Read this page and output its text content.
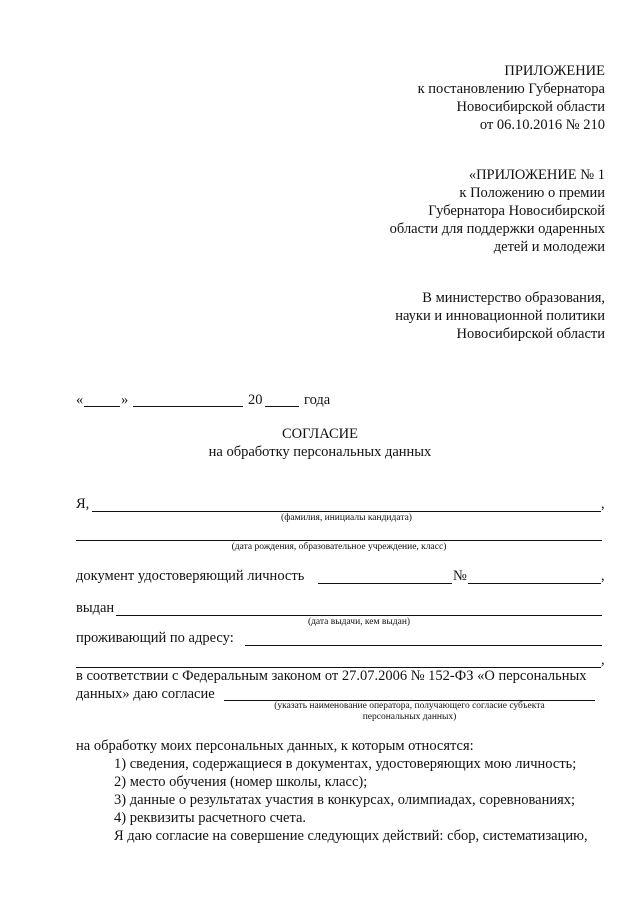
ПРИЛОЖЕНИЕ
к постановлению Губернатора
Новосибирской области
от 06.10.2016 № 210
«ПРИЛОЖЕНИЕ № 1
к Положению о премии
Губернатора Новосибирской
области для поддержки одаренных
детей и молодежи
В министерство образования,
науки и инновационной политики
Новосибирской области
«	»	20	года
СОГЛАСИЕ
на обработку персональных данных
Я,	,
(фамилия, инициалы кандидата)
(дата рождения, образовательное учреждение, класс)
документ удостоверяющий личность	№	,
выдан
(дата выдачи, кем выдан)
проживающий по адресу:
,
в соответствии с Федеральным законом от 27.07.2006 № 152-ФЗ «О персональных
данных» даю согласие
(указать наименование оператора, получающего согласие субъекта
персональных данных)
на обработку моих персональных данных, к которым относятся:
1) сведения, содержащиеся в документах, удостоверяющих мою личность;
2) место обучения (номер школы, класс);
3) данные о результатах участия в конкурсах, олимпиадах, соревнованиях;
4) реквизиты расчетного счета.
Я даю согласие на совершение следующих действий: сбор, систематизацию,
